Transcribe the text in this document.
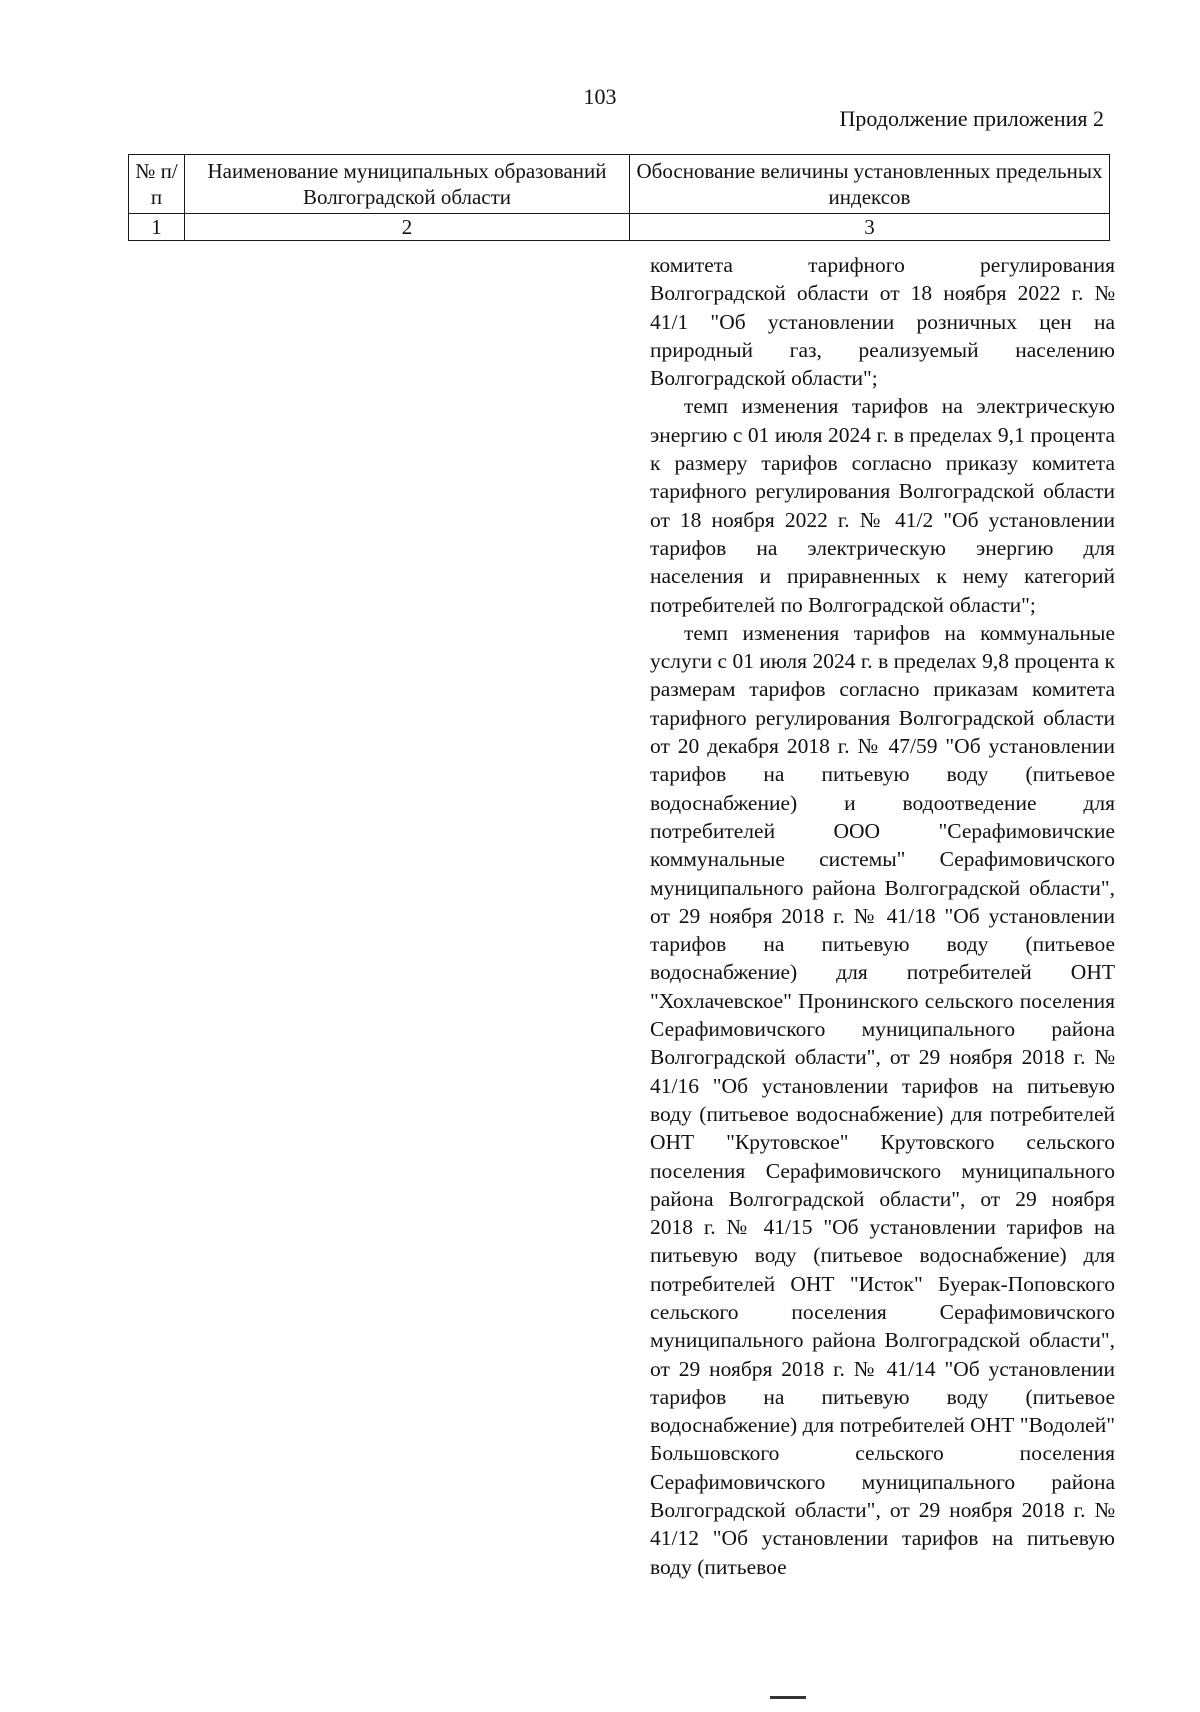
103
Продолжение приложения 2
№ п/п	Наименование муниципальных образований Волгоградской области	Обоснование величины установленных предельных индексов
1	2	3

комитета тарифного регулирования Волгоградской области от 18 ноября 2022 г. № 41/1 "Об установлении розничных цен на природный газ, реализуемый населению Волгоградской области";

темп изменения тарифов на электрическую энергию с 01 июля 2024 г. в пределах 9,1 процента к размеру тарифов согласно приказу комитета тарифного регулирования Волгоградской области от 18 ноября 2022 г. № 41/2 "Об установлении тарифов на электрическую энергию для населения и приравненных к нему категорий потребителей по Волгоградской области";

темп изменения тарифов на коммунальные услуги с 01 июля 2024 г. в пределах 9,8 процента к размерам тарифов согласно приказам комитета тарифного регулирования Волгоградской области от 20 декабря 2018 г. № 47/59 "Об установлении тарифов на питьевую воду (питьевое водоснабжение) и водоотведение для потребителей ООО "Серафимовичские коммунальные системы" Серафимовичского муниципального района Волгоградской области", от 29 ноября 2018 г. № 41/18 "Об установлении тарифов на питьевую воду (питьевое водоснабжение) для потребителей ОНТ "Хохлачевское" Пронинского сельского поселения Серафимовичского муниципального района Волгоградской области", от 29 ноября 2018 г. № 41/16 "Об установлении тарифов на питьевую воду (питьевое водоснабжение) для потребителей ОНТ "Крутовское" Крутовского сельского поселения Серафимовичского муниципального района Волгоградской области", от 29 ноября 2018 г. № 41/15 "Об установлении тарифов на питьевую воду (питьевое водоснабжение) для потребителей ОНТ "Исток" Буерак-Поповского сельского поселения Серафимовичского муниципального района Волгоградской области", от 29 ноября 2018 г. № 41/14 "Об установлении тарифов на питьевую воду (питьевое водоснабжение) для потребителей ОНТ "Водолей" Большовского сельского поселения Серафимовичского муниципального района Волгоградской области", от 29 ноября 2018 г. № 41/12 "Об установлении тарифов на питьевую воду (питьевое
